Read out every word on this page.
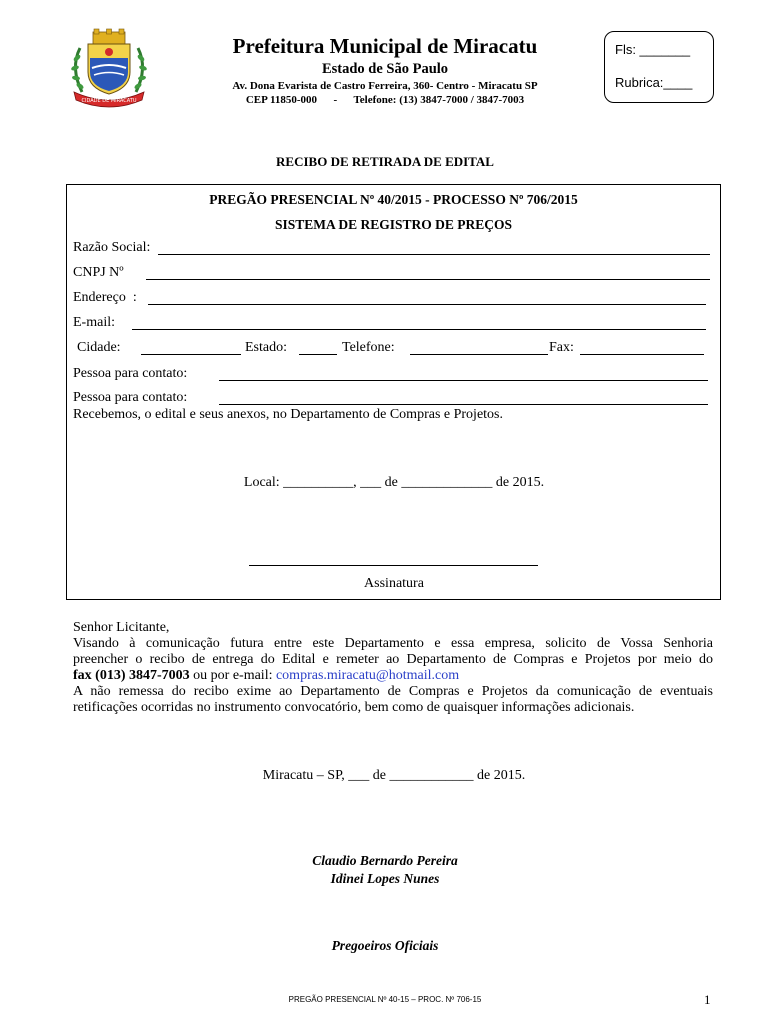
CIDADE DE MIRACATU
Prefeitura Municipal de Miracatu
Estado de São Paulo
Av. Dona Evarista de Castro Ferreira, 360- Centro - Miracatu SP
CEP 11850-000      -      Telefone: (13) 3847-7000 / 3847-7003
Fls: _______
Rubrica:____
RECIBO DE RETIRADA DE EDITAL
PREGÃO PRESENCIAL Nº 40/2015 - PROCESSO Nº 706/2015
SISTEMA DE REGISTRO DE PREÇOS
Razão Social:
CNPJ Nº
Endereço  :
E-mail:
Cidade:	Estado:	Telefone:	Fax:
Pessoa para contato:
Pessoa para contato:
Recebemos, o edital e seus anexos, no Departamento de Compras e Projetos.
Local: __________, ___ de _____________ de 2015.
Assinatura
Senhor Licitante,
Visando à comunicação futura entre este Departamento e essa empresa, solicito de Vossa Senhoria
preencher o recibo de entrega do Edital e remeter ao Departamento de Compras e Projetos por meio do
fax (013) 3847-7003 ou por e-mail: compras.miracatu@hotmail.com
A não remessa do recibo exime ao Departamento de Compras e Projetos da comunicação de eventuais
retificações ocorridas no instrumento convocatório, bem como de quaisquer informações adicionais.
Miracatu – SP, ___ de ____________ de 2015.
Claudio Bernardo Pereira
Idinei Lopes Nunes
Pregoeiros Oficiais
PREGÃO PRESENCIAL Nº 40-15 – PROC. Nº 706-15	1
